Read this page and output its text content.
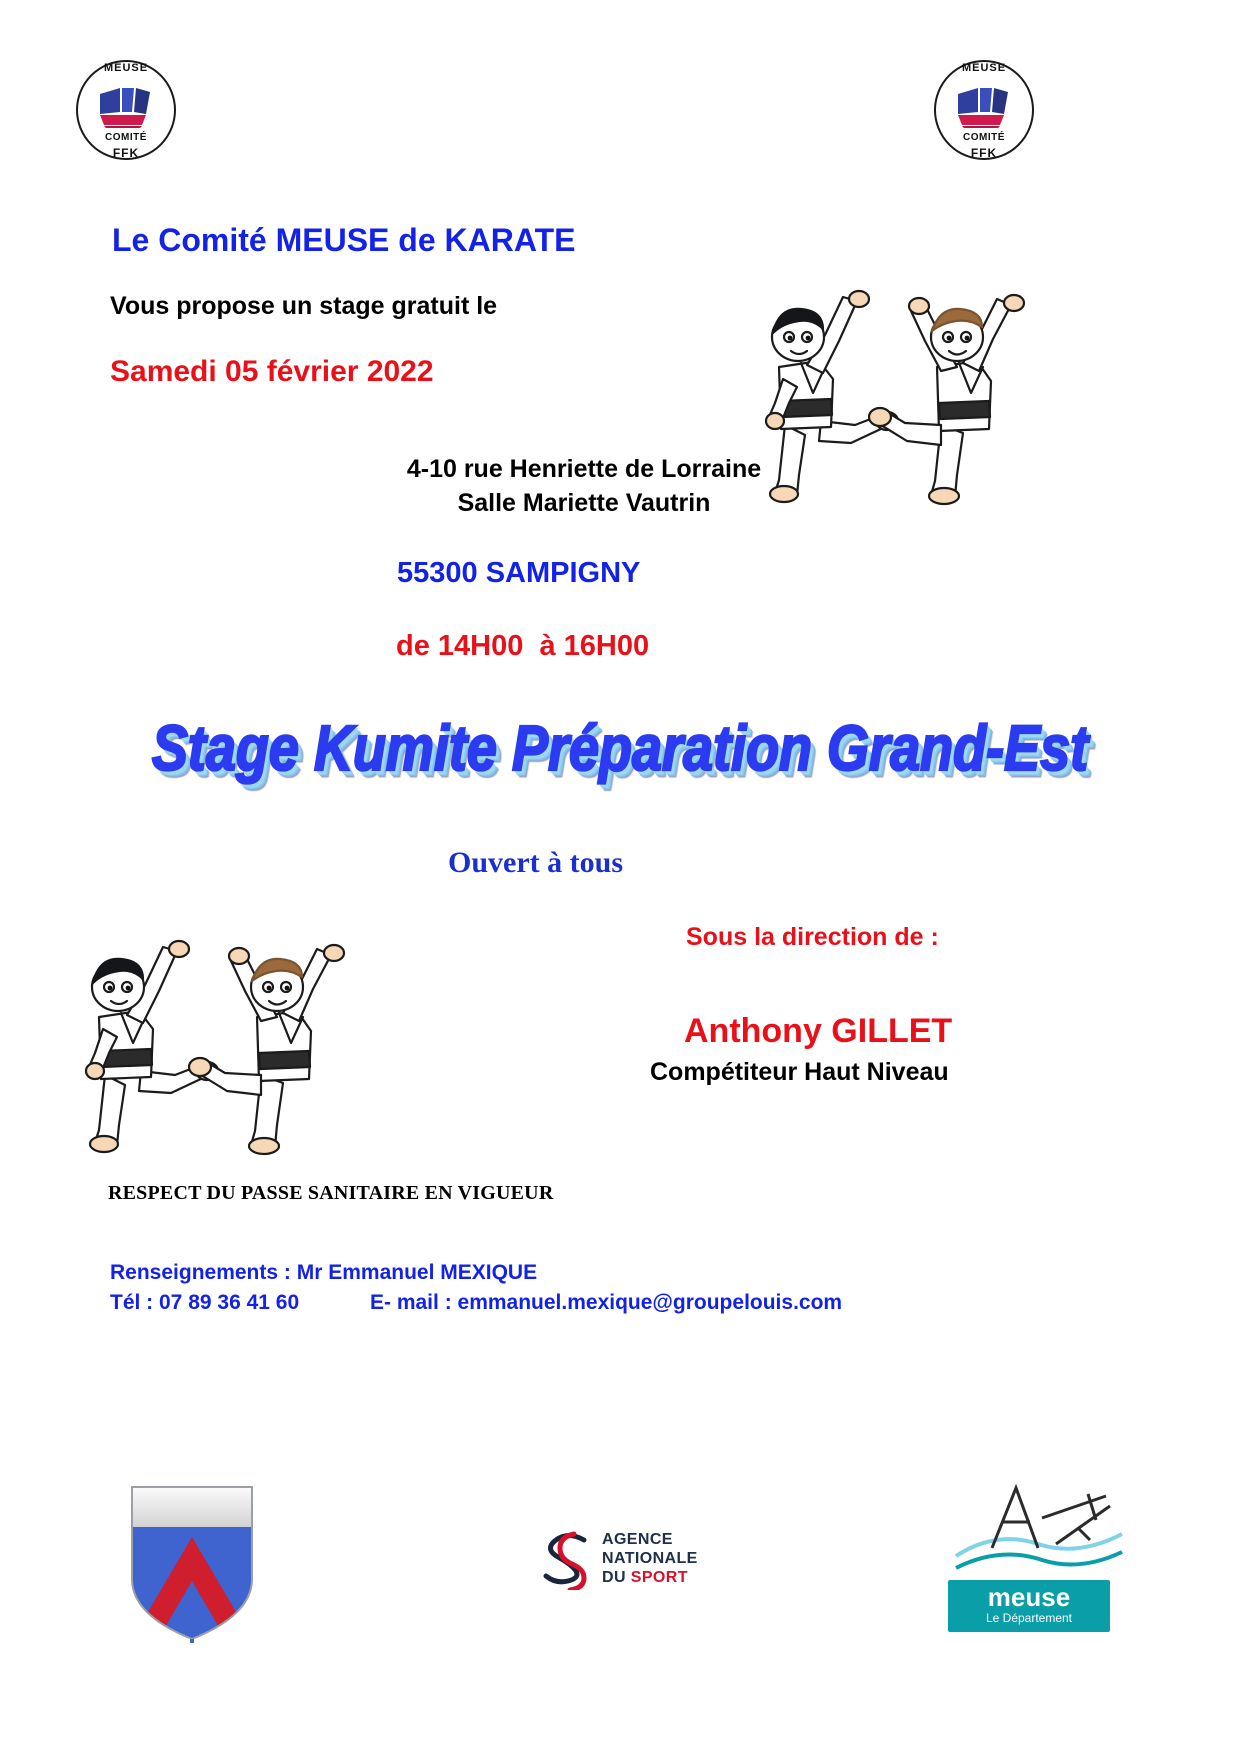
MEUSE
COMITÉ
FFK
MEUSE
COMITÉ
FFK
Le Comité MEUSE de KARATE
Vous propose un stage gratuit le
Samedi 05 février 2022
4-10 rue Henriette de Lorraine
Salle Mariette Vautrin
55300 SAMPIGNY
de 14H00  à 16H00
Stage Kumite Préparation Grand-Est
Ouvert à tous
Sous la direction de :
Anthony GILLET
Compétiteur Haut Niveau
RESPECT DU PASSE SANITAIRE EN VIGUEUR
Renseignements : Mr Emmanuel MEXIQUE
Tél : 07 89 36 41 60	E- mail : emmanuel.mexique@groupelouis.com
AGENCE
NATIONALE
DU SPORT
meuse
Le Département
